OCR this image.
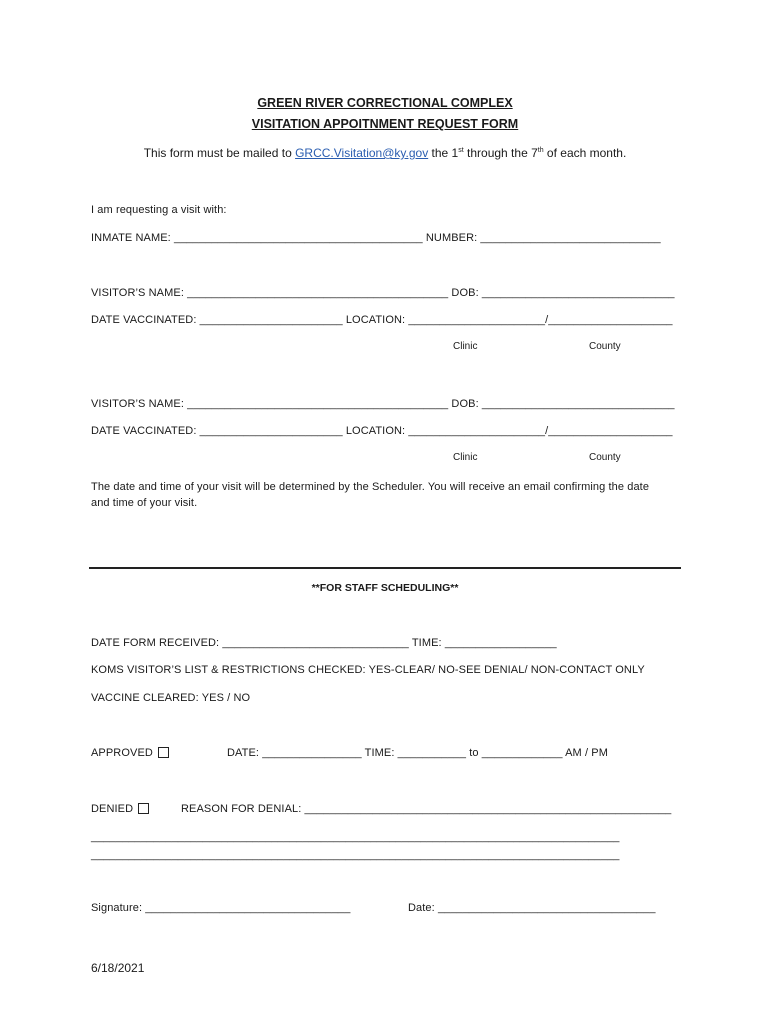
GREEN RIVER CORRECTIONAL COMPLEX
VISITATION APPOITNMENT REQUEST FORM
This form must be mailed to GRCC.Visitation@ky.gov the 1st through the 7th of each month.
I am requesting a visit with:
INMATE NAME: ________________________________________ NUMBER: _____________________________
VISITOR’S NAME: __________________________________________ DOB: _______________________________
DATE VACCINATED: _______________________ LOCATION: ______________________/____________________
Clinic	County
VISITOR’S NAME: __________________________________________ DOB: _______________________________
DATE VACCINATED: _______________________ LOCATION: ______________________/____________________
Clinic	County
The date and time of your visit will be determined by the Scheduler. You will receive an email confirming the date
and time of your visit.
**FOR STAFF SCHEDULING**
DATE FORM RECEIVED: ______________________________ TIME: __________________
KOMS VISITOR’S LIST & RESTRICTIONS CHECKED: YES-CLEAR/ NO-SEE DENIAL/ NON-CONTACT ONLY
VACCINE CLEARED: YES / NO
APPROVED	DATE: ________________ TIME: ___________ to _____________ AM / PM
DENIED	REASON FOR DENIAL: ___________________________________________________________
_____________________________________________________________________________________
_____________________________________________________________________________________
Signature: _________________________________	Date: ___________________________________
6/18/2021
